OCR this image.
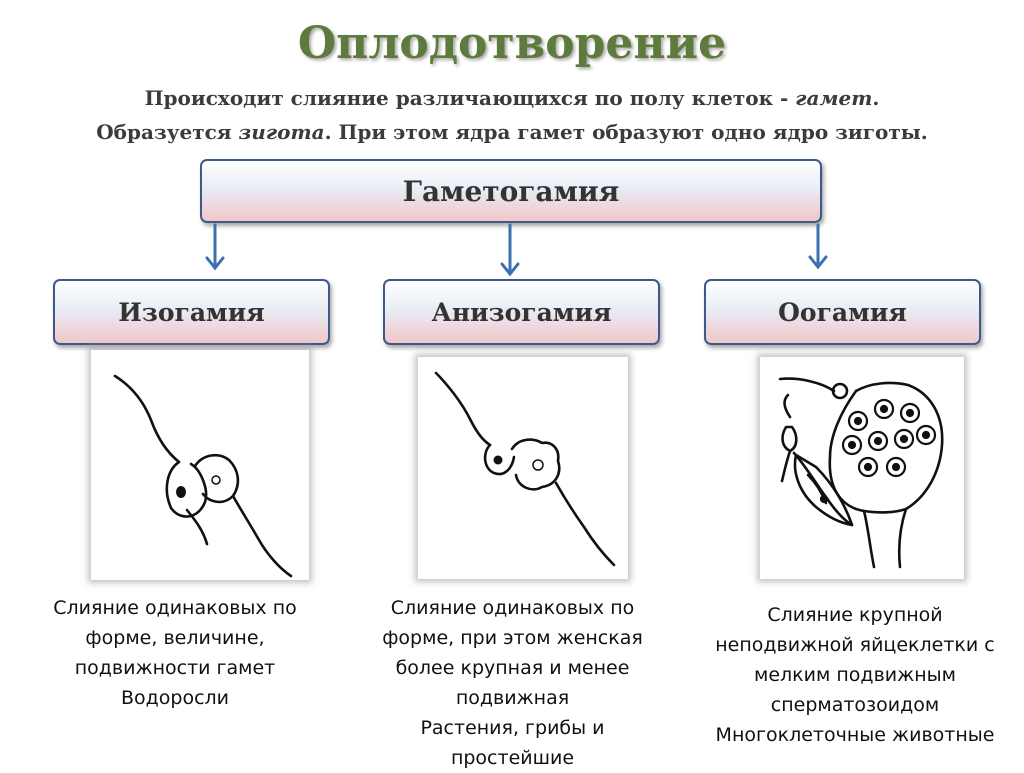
Оплодотворение
Происходит слияние различающихся по полу клеток - гамет.
Образуется зигота. При этом ядра гамет образуют одно ядро зиготы.
Гаметогамия
Изогамия	Анизогамия	Оогамия
Слияние одинаковых по
форме, величине,
подвижности гамет
Водоросли
Слияние одинаковых по
форме, при этом женская
более крупная и менее
подвижная
Растения, грибы и
простейшие
Слияние крупной
неподвижной яйцеклетки с
мелким подвижным
сперматозоидом
Многоклеточные животные
